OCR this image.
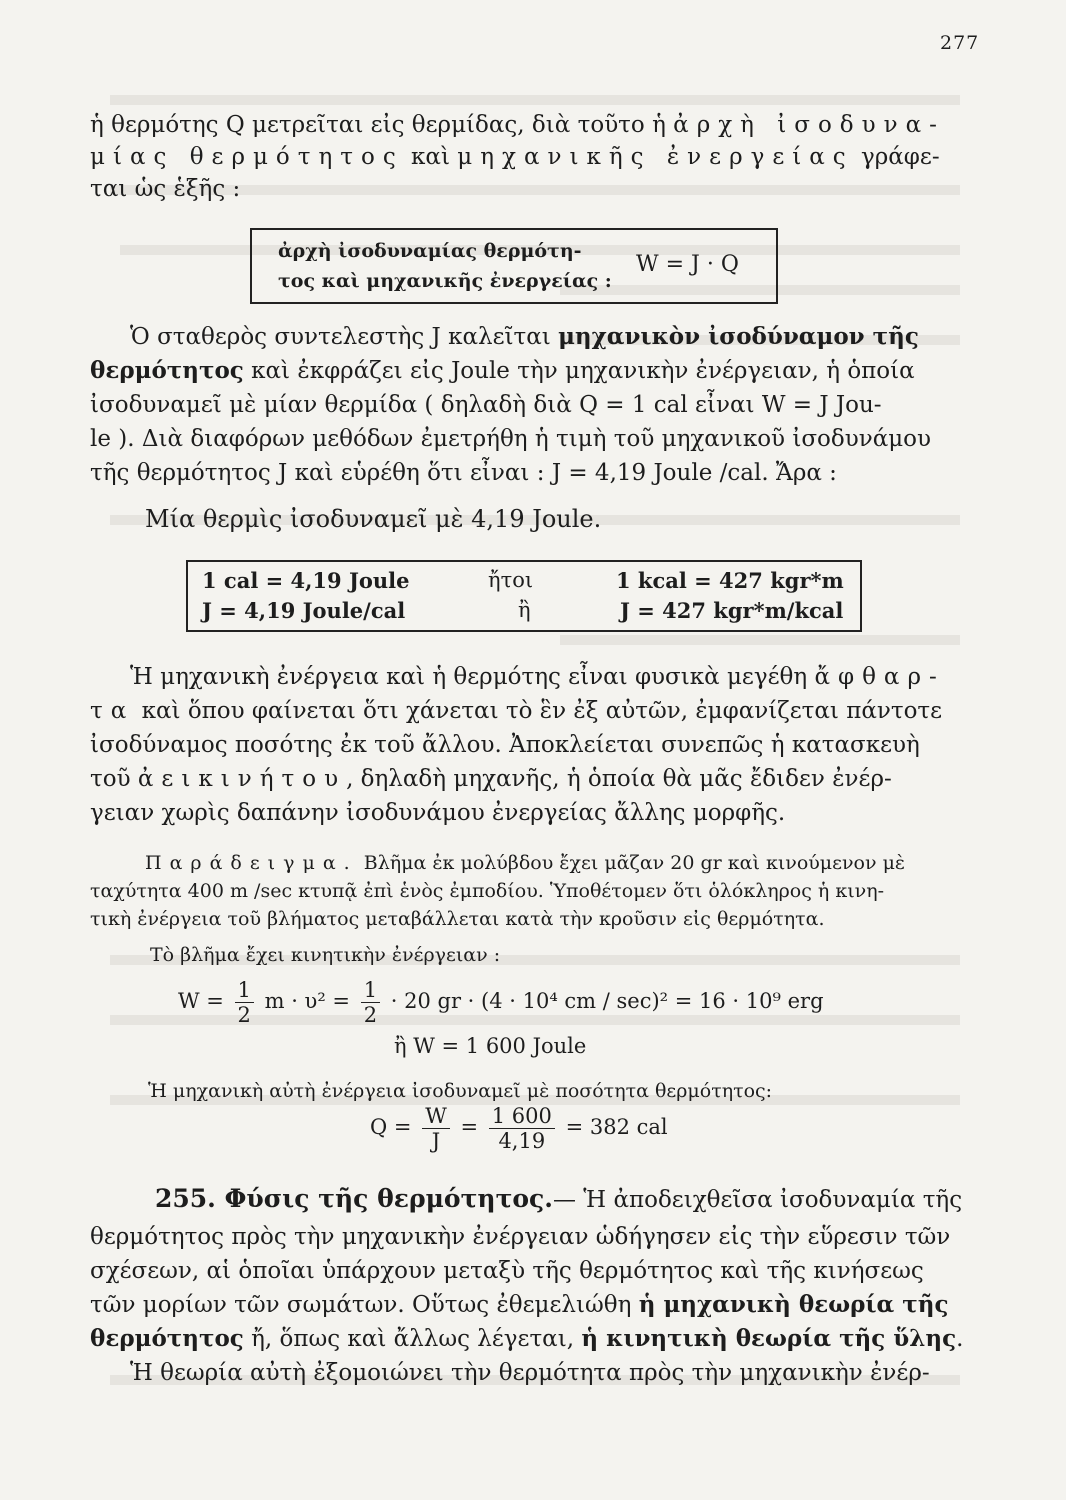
277
ἡ θερμότης Q μετρεῖται εἰς θερμίδας, διὰ τοῦτο ἡ ἀρχὴ ἰσοδυνα-
μίας θερμότητος καὶ μηχανικῆς ἐνεργείας γράφε-
ται ὡς ἑξῆς :
ἀρχὴ ἰσοδυναμίας θερμότη-
τος καὶ μηχανικῆς ἐνεργείας :
W = J · Q
Ὁ σταθερὸς συντελεστὴς J καλεῖται μηχανικὸν ἰσοδύναμον τῆς
θερμότητος καὶ ἐκφράζει εἰς Joule τὴν μηχανικὴν ἐνέργειαν, ἡ ὁποία
ἰσοδυναμεῖ μὲ μίαν θερμίδα ( δηλαδὴ διὰ Q = 1 cal εἶναι W = J Jou-
le ). Διὰ διαφόρων μεθόδων ἐμετρήθη ἡ τιμὴ τοῦ μηχανικοῦ ἰσοδυνάμου
τῆς θερμότητος J καὶ εὑρέθη ὅτι εἶναι : J = 4,19 Joule /cal. Ἄρα :
Μία θερμὶς ἰσοδυναμεῖ μὲ 4,19 Joule.
1 cal = 4,19 Joule	ἤτοι	1 kcal = 427 kgr*m
J = 4,19 Joule/cal	ἢ	J = 427 kgr*m/kcal
Ἡ μηχανικὴ ἐνέργεια καὶ ἡ θερμότης εἶναι φυσικὰ μεγέθη ἄφθαρ-
τα καὶ ὅπου φαίνεται ὅτι χάνεται τὸ ἓν ἐξ αὐτῶν, ἐμφανίζεται πάντοτε
ἰσοδύναμος ποσότης ἐκ τοῦ ἄλλου. Ἀποκλείεται συνεπῶς ἡ κατασκευὴ
τοῦ ἀεικινήτου, δηλαδὴ μηχανῆς, ἡ ὁποία θὰ μᾶς ἔδιδεν ἐνέρ-
γειαν χωρὶς δαπάνην ἰσοδυνάμου ἐνεργείας ἄλλης μορφῆς.
Παράδειγμα. Βλῆμα ἐκ μολύβδου ἔχει μᾶζαν 20 gr καὶ κινούμενον μὲ
ταχύτητα 400 m /sec κτυπᾷ ἐπὶ ἑνὸς ἐμποδίου. Ὑποθέτομεν ὅτι ὁλόκληρος ἡ κινη-
τικὴ ἐνέργεια τοῦ βλήματος μεταβάλλεται κατὰ τὴν κροῦσιν εἰς θερμότητα.
Τὸ βλῆμα ἔχει κινητικὴν ἐνέργειαν :
$W = \frac{1}{2}$ $m \cdot \upsilon^2 = \frac{1}{2} \cdot 20$ gr · (4 · 10⁴ cm / sec)² = 16 · 10⁹ erg
ἢ W = 1 600 Joule
Ἡ μηχανικὴ αὐτὴ ἐνέργεια ἰσοδυναμεῖ μὲ ποσότητα θερμότητος:
$Q = \frac{W}{J} = \frac{1 600}{4,19} = 382$ cal
255. Φύσις τῆς θερμότητος.— Ἡ ἀποδειχθεῖσα ἰσοδυναμία τῆς
θερμότητος πρὸς τὴν μηχανικὴν ἐνέργειαν ὡδήγησεν εἰς τὴν εὕρεσιν τῶν
σχέσεων, αἱ ὁποῖαι ὑπάρχουν μεταξὺ τῆς θερμότητος καὶ τῆς κινήσεως
τῶν μορίων τῶν σωμάτων. Οὕτως ἐθεμελιώθη ἡ μηχανικὴ θεωρία τῆς
θερμότητος ἤ, ὅπως καὶ ἄλλως λέγεται, ἡ κινητικὴ θεωρία τῆς ὕλης.
Ἡ θεωρία αὐτὴ ἐξομοιώνει τὴν θερμότητα πρὸς τὴν μηχανικὴν ἐνέρ-
